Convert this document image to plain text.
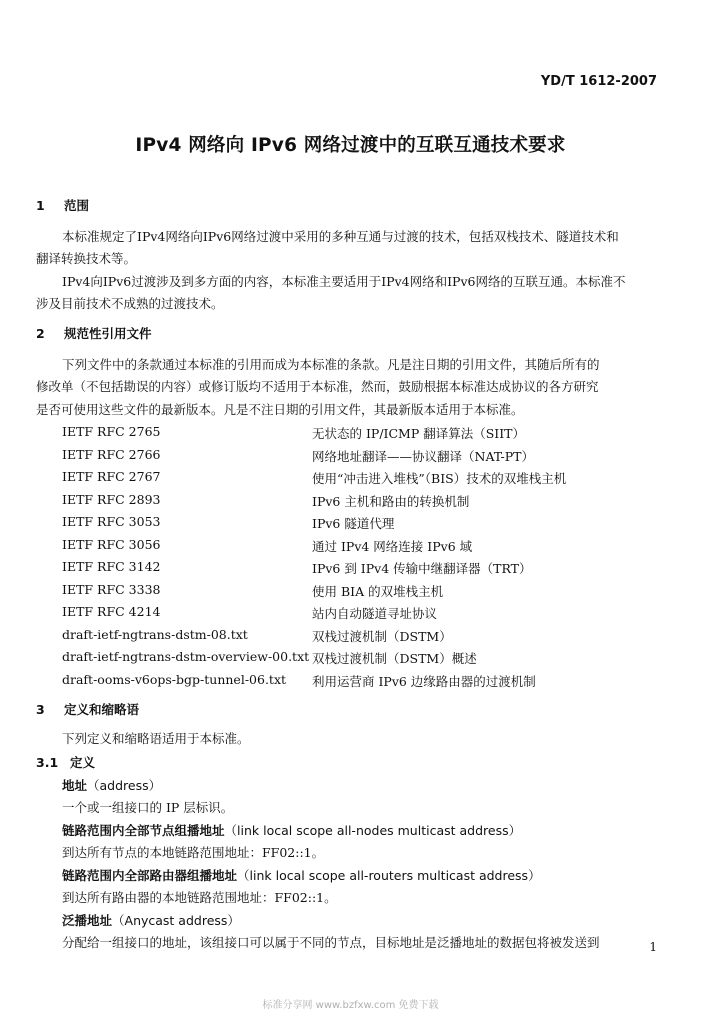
YD/T 1612-2007
IPv4 网络向 IPv6 网络过渡中的互联互通技术要求
1 范围
本标准规定了IPv4网络向IPv6网络过渡中采用的多种互通与过渡的技术，包括双栈技术、隧道技术和
翻译转换技术等。
IPv4向IPv6过渡涉及到多方面的内容，本标准主要适用于IPv4网络和IPv6网络的互联互通。本标准不
涉及目前技术不成熟的过渡技术。
2 规范性引用文件
下列文件中的条款通过本标准的引用而成为本标准的条款。凡是注日期的引用文件，其随后所有的
修改单（不包括勘误的内容）或修订版均不适用于本标准，然而，鼓励根据本标准达成协议的各方研究
是否可使用这些文件的最新版本。凡是不注日期的引用文件，其最新版本适用于本标准。
IETF RFC 2765	无状态的 IP/ICMP 翻译算法（SIIT）
IETF RFC 2766	网络地址翻译——协议翻译（NAT-PT）
IETF RFC 2767	使用“冲击进入堆栈”（BIS）技术的双堆栈主机
IETF RFC 2893	IPv6 主机和路由的转换机制
IETF RFC 3053	IPv6 隧道代理
IETF RFC 3056	通过 IPv4 网络连接 IPv6 域
IETF RFC 3142	IPv6 到 IPv4 传输中继翻译器（TRT）
IETF RFC 3338	使用 BIA 的双堆栈主机
IETF RFC 4214	站内自动隧道寻址协议
draft-ietf-ngtrans-dstm-08.txt	双栈过渡机制（DSTM）
draft-ietf-ngtrans-dstm-overview-00.txt 双栈过渡机制（DSTM）概述
draft-ooms-v6ops-bgp-tunnel-06.txt 利用运营商 IPv6 边缘路由器的过渡机制
3 定义和缩略语
下列定义和缩略语适用于本标准。
3.1 定义
地址（address）
一个或一组接口的 IP 层标识。
链路范围内全部节点组播地址（link local scope all-nodes multicast address）
到达所有节点的本地链路范围地址：FF02::1。
链路范围内全部路由器组播地址（link local scope all-routers multicast address）
到达所有路由器的本地链路范围地址：FF02::1。
泛播地址（Anycast address）
分配给一组接口的地址，该组接口可以属于不同的节点，目标地址是泛播地址的数据包将被发送到	1
标准分享网 www.bzfxw.com 免费下载
